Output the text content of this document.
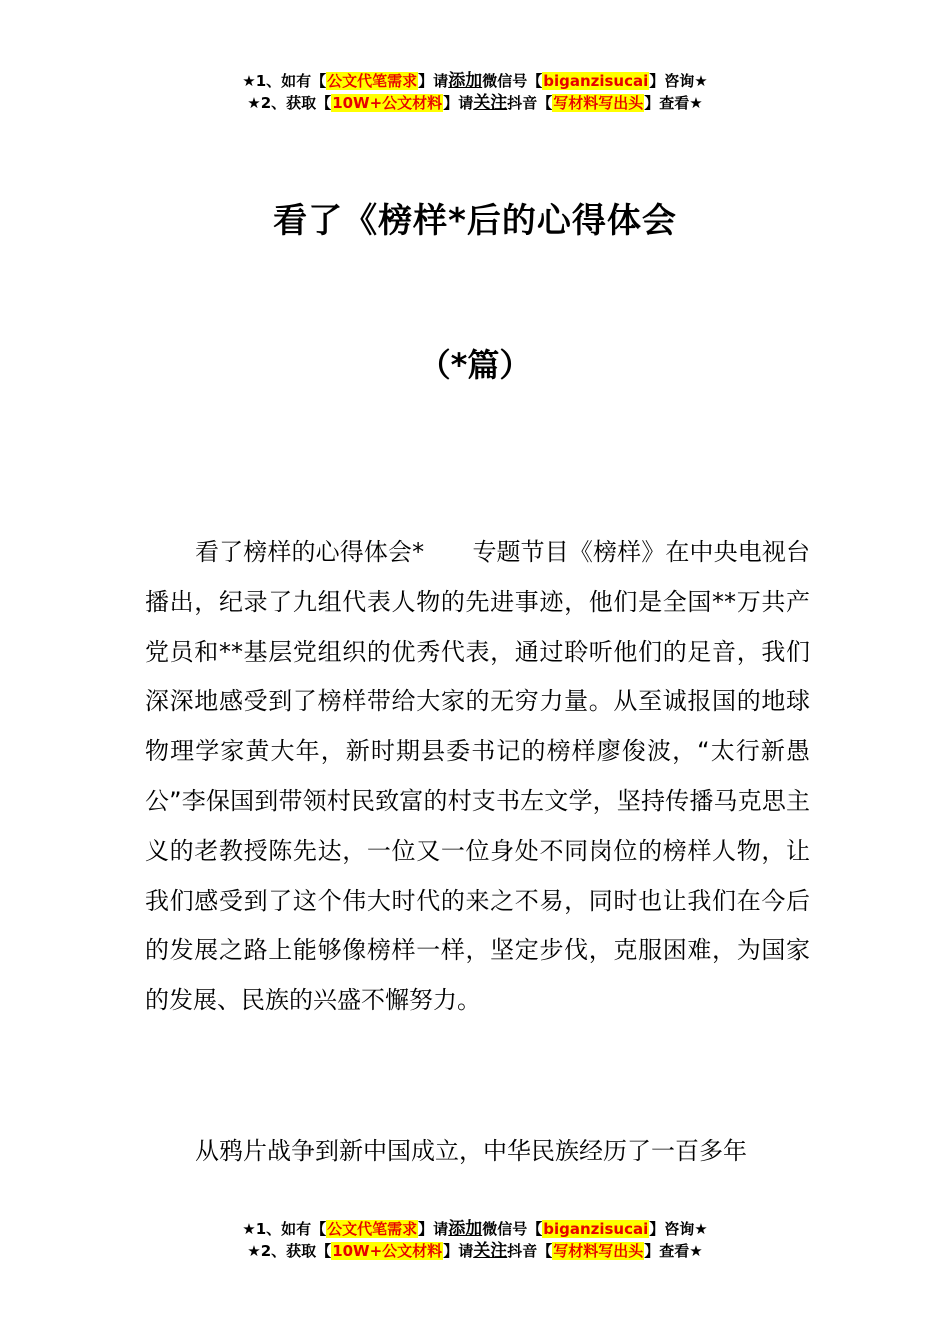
★1、如有【公文代笔需求】请添加微信号【biganzisucai】咨询★
★2、获取【10W+公文材料】请关注抖音【写材料写出头】查看★
看了《榜样*后的心得体会
（*篇）

看了榜样的心得体会*　　专题节目《榜样》在中央电视台播出，纪录了九组代表人物的先进事迹，他们是全国**万共产党员和**基层党组织的优秀代表，通过聆听他们的足音，我们深深地感受到了榜样带给大家的无穷力量。从至诚报国的地球物理学家黄大年，新时期县委书记的榜样廖俊波，“太行新愚公”李保国到带领村民致富的村支书左文学，坚持传播马克思主义的老教授陈先达，一位又一位身处不同岗位的榜样人物，让我们感受到了这个伟大时代的来之不易，同时也让我们在今后的发展之路上能够像榜样一样，坚定步伐，克服困难，为国家的发展、民族的兴盛不懈努力。

从鸦片战争到新中国成立，中华民族经历了一百多年

★1、如有【公文代笔需求】请添加微信号【biganzisucai】咨询★
★2、获取【10W+公文材料】请关注抖音【写材料写出头】查看★
